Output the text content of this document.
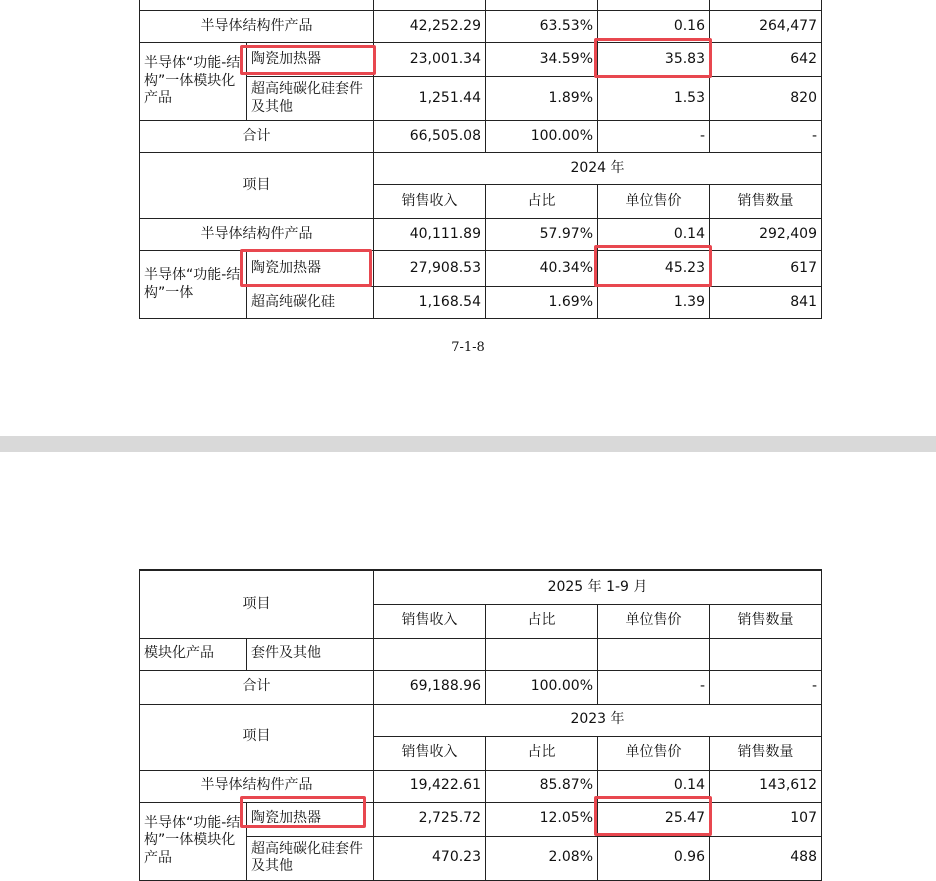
半导体结构件产品		42,252.29	63.53%	0.16	264,477
半导体“功能-结构”一体模块化产品	陶瓷加热器	23,001.34	34.59%	35.83	642
	超高纯碳化硅套件及其他	1,251.44	1.89%	1.53	820
合计		66,505.08	100.00%	-	-
项目		2024 年			
		销售收入	占比	单位售价	销售数量
半导体结构件产品		40,111.89	57.97%	0.14	292,409
半导体“功能-结构”一体	陶瓷加热器	27,908.53	40.34%	45.23	617
	超高纯碳化硅	1,168.54	1.69%	1.39	841
7-1-8
项目		2025 年 1-9 月			
		销售收入	占比	单位售价	销售数量
模块化产品	套件及其他				
合计		69,188.96	100.00%	-	-
项目		2023 年			
		销售收入	占比	单位售价	销售数量
半导体结构件产品		19,422.61	85.87%	0.14	143,612
半导体“功能-结构”一体模块化产品	陶瓷加热器	2,725.72	12.05%	25.47	107
	超高纯碳化硅套件及其他	470.23	2.08%	0.96	488
